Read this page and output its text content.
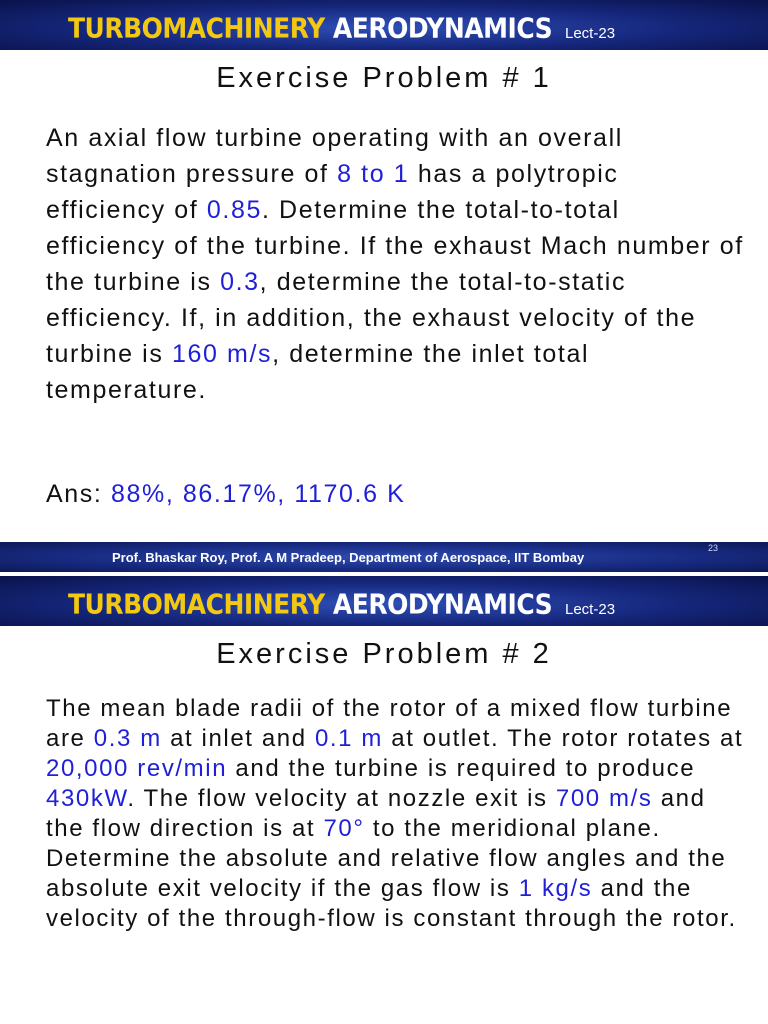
TURBOMACHINERY AERODYNAMICS Lect-23
Exercise Problem # 1
An axial flow turbine operating with an overall stagnation pressure of 8 to 1 has a polytropic efficiency of 0.85. Determine the total-to-total efficiency of the turbine. If the exhaust Mach number of the turbine is 0.3, determine the total-to-static efficiency. If, in addition, the exhaust velocity of the turbine is 160 m/s, determine the inlet total temperature.
Ans: 88%, 86.17%, 1170.6 K
Prof. Bhaskar Roy, Prof. A M Pradeep, Department of Aerospace, IIT Bombay
23
TURBOMACHINERY AERODYNAMICS Lect-23
Exercise Problem # 2
The mean blade radii of the rotor of a mixed flow turbine are 0.3 m at inlet and 0.1 m at outlet. The rotor rotates at 20,000 rev/min and the turbine is required to produce 430kW. The flow velocity at nozzle exit is 700 m/s and the flow direction is at 70° to the meridional plane. Determine the absolute and relative flow angles and the absolute exit velocity if the gas flow is 1 kg/s and the velocity of the through-flow is constant through the rotor.
